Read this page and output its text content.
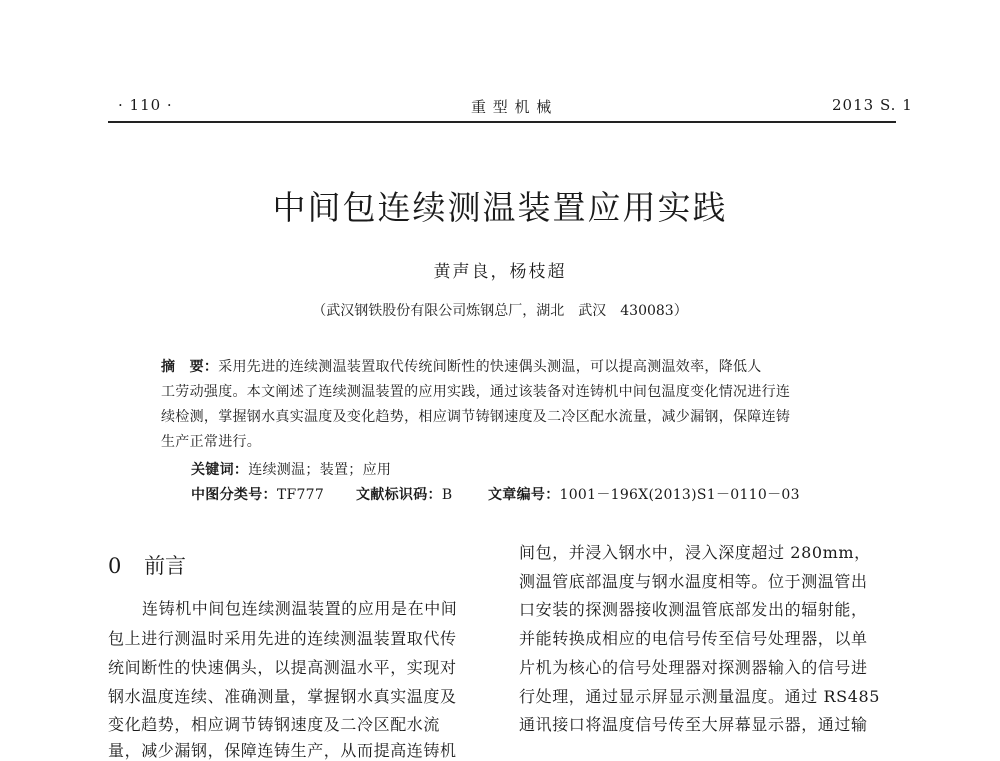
· 110 ·	重 型 机 械	2013 S. 1
中间包连续测温装置应用实践
黄声良，杨枝超
（武汉钢铁股份有限公司炼钢总厂，湖北　武汉　430083）
摘　要：采用先进的连续测温装置取代传统间断性的快速偶头测温，可以提高测温效率，降低人
工劳动强度。本文阐述了连续测温装置的应用实践，通过该装备对连铸机中间包温度变化情况进行连
续检测，掌握钢水真实温度及变化趋势，相应调节铸钢速度及二冷区配水流量，减少漏钢，保障连铸
生产正常进行。
关键词：连续测温；装置；应用
中图分类号：TF777 文献标识码：B	文章编号：1001－196X(2013)S1－0110－03
0 前言
连铸机中间包连续测温装置的应用是在中间
包上进行测温时采用先进的连续测温装置取代传
统间断性的快速偶头，以提高测温水平，实现对
钢水温度连续、准确测量，掌握钢水真实温度及
变化趋势，相应调节铸钢速度及二冷区配水流
量，减少漏钢，保障连铸生产，从而提高连铸机
间包，并浸入钢水中，浸入深度超过 280mm，
测温管底部温度与钢水温度相等。位于测温管出
口安装的探测器接收测温管底部发出的辐射能，
并能转换成相应的电信号传至信号处理器，以单
片机为核心的信号处理器对探测器输入的信号进
行处理，通过显示屏显示测量温度。通过 RS485
通讯接口将温度信号传至大屏幕显示器，通过输
